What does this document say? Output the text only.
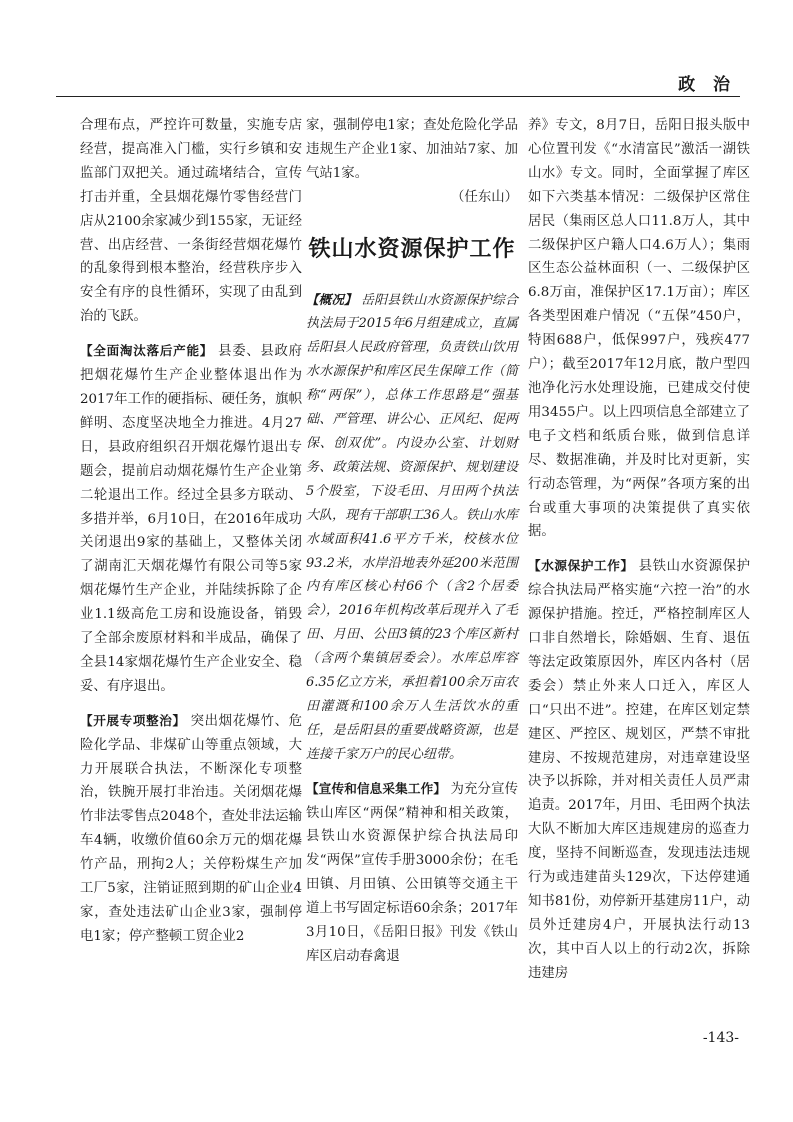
政 治

合理布点，严控许可数量，实施专店经营，提高准入门槛，实行乡镇和安监部门双把关。通过疏堵结合，宣传打击并重，全县烟花爆竹零售经营门店从2100余家减少到155家，无证经营、出店经营、一条街经营烟花爆竹的乱象得到根本整治，经营秩序步入安全有序的良性循环，实现了由乱到治的飞跃。

【全面淘汰落后产能】 县委、县政府把烟花爆竹生产企业整体退出作为2017年工作的硬指标、硬任务，旗帜鲜明、态度坚决地全力推进。4月27日，县政府组织召开烟花爆竹退出专题会，提前启动烟花爆竹生产企业第二轮退出工作。经过全县多方联动、多措并举，6月10日，在2016年成功关闭退出9家的基础上，又整体关闭了湖南汇天烟花爆竹有限公司等5家烟花爆竹生产企业，并陆续拆除了企业1.1级高危工房和设施设备，销毁了全部余废原材料和半成品，确保了全县14家烟花爆竹生产企业安全、稳妥、有序退出。

【开展专项整治】 突出烟花爆竹、危险化学品、非煤矿山等重点领域，大力开展联合执法，不断深化专项整治，铁腕开展打非治违。关闭烟花爆竹非法零售点2048个，查处非法运输车4辆，收缴价值60余万元的烟花爆竹产品，刑拘2人；关停粉煤生产加工厂5家，注销证照到期的矿山企业4家，查处违法矿山企业3家，强制停电1家；停产整顿工贸企业2

家，强制停电1家；查处危险化学品违规生产企业1家、加油站7家、加气站1家。

（任东山）

铁山水资源保护工作

【概况】 岳阳县铁山水资源保护综合执法局于2015年6月组建成立，直属岳阳县人民政府管理，负责铁山饮用水水源保护和库区民生保障工作（简称“两保”），总体工作思路是“强基础、严管理、讲公心、正风纪、促两保、创双优”。内设办公室、计划财务、政策法规、资源保护、规划建设5个股室，下设毛田、月田两个执法大队，现有干部职工36人。铁山水库水域面积41.6平方千米，校核水位93.2米，水岸沿地表外延200米范围内有库区核心村66个（含2个居委会），2016年机构改革后现并入了毛田、月田、公田3镇的23个库区新村（含两个集镇居委会）。水库总库容6.35亿立方米，承担着100余万亩农田灌溉和100余万人生活饮水的重任，是岳阳县的重要战略资源，也是连接千家万户的民心纽带。

【宣传和信息采集工作】 为充分宣传铁山库区“两保”精神和相关政策，县铁山水资源保护综合执法局印发“两保”宣传手册3000余份；在毛田镇、月田镇、公田镇等交通主干道上书写固定标语60余条；2017年3月10日，《岳阳日报》刊发《铁山库区启动春禽退

养》专文，8月7日，岳阳日报头版中心位置刊发《“水清富民”激活一湖铁山水》专文。同时，全面掌握了库区如下六类基本情况：二级保护区常住居民（集雨区总人口11.8万人，其中二级保护区户籍人口4.6万人）；集雨区生态公益林面积（一、二级保护区6.8万亩，准保护区17.1万亩）；库区各类型困难户情况（“五保”450户，特困688户，低保997户，残疾477户）；截至2017年12月底，散户型四池净化污水处理设施，已建成交付使用3455户。以上四项信息全部建立了电子文档和纸质台账，做到信息详尽、数据准确，并及时比对更新，实行动态管理，为“两保”各项方案的出台或重大事项的决策提供了真实依据。

【水源保护工作】 县铁山水资源保护综合执法局严格实施“六控一治”的水源保护措施。控迁，严格控制库区人口非自然增长，除婚姻、生育、退伍等法定政策原因外，库区内各村（居委会）禁止外来人口迁入，库区人口“只出不进”。控建，在库区划定禁建区、严控区、规划区，严禁不审批建房、不按规范建房，对违章建设坚决予以拆除，并对相关责任人员严肃追责。2017年，月田、毛田两个执法大队不断加大库区违规建房的巡查力度，坚持不间断巡查，发现违法违规行为或违建苗头129次，下达停建通知书81份，劝停新开基建房11户，动员外迁建房4户，开展执法行动13次，其中百人以上的行动2次，拆除违建房

-143-
